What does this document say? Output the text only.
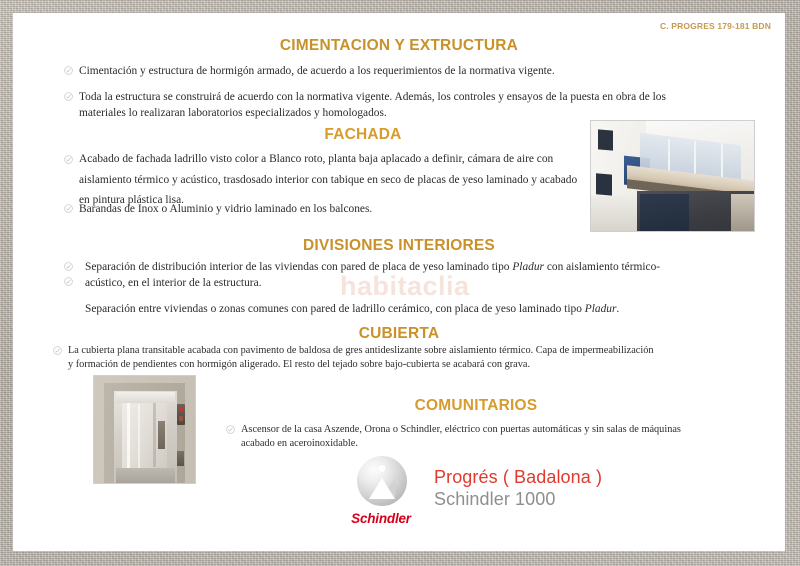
habitaclia
C. PROGRES 179-181 BDN
CIMENTACION Y EXTRUCTURA
Cimentación y estructura de hormigón armado, de acuerdo a los requerimientos de la normativa vigente.
Toda la estructura se construirá de acuerdo con la normativa vigente. Además, los controles y ensayos de la puesta en obra de los
materiales lo realizaran laboratorios especializados y homologados.
FACHADA
Acabado de fachada ladrillo visto color a Blanco roto, planta baja aplacado a definir, cámara de aire con
aislamiento térmico y acústico, trasdosado interior con tabique en seco de placas de yeso laminado y acabado
en pintura plástica lisa.
Barandas de Inox o Aluminio y vidrio laminado en los balcones.
DIVISIONES INTERIORES
Separación de distribución interior de las viviendas con pared de placa de yeso laminado tipo Pladur con aislamiento térmico-
acústico, en el interior de la estructura.
Separación entre viviendas o zonas comunes con pared de ladrillo cerámico, con placa de yeso laminado tipo Pladur.
CUBIERTA
La cubierta plana transitable acabada con pavimento de baldosa de gres antideslizante sobre aislamiento térmico. Capa de impermeabilización
y formación de pendientes con hormigón aligerado. El resto del tejado sobre bajo-cubierta se acabará con grava.
COMUNITARIOS
Ascensor de la casa Aszende, Orona o Schindler, eléctrico con puertas automáticas y sin salas de máquinas
acabado en aceroinoxidable.
Schindler
Progrés ( Badalona )
Schindler 1000
